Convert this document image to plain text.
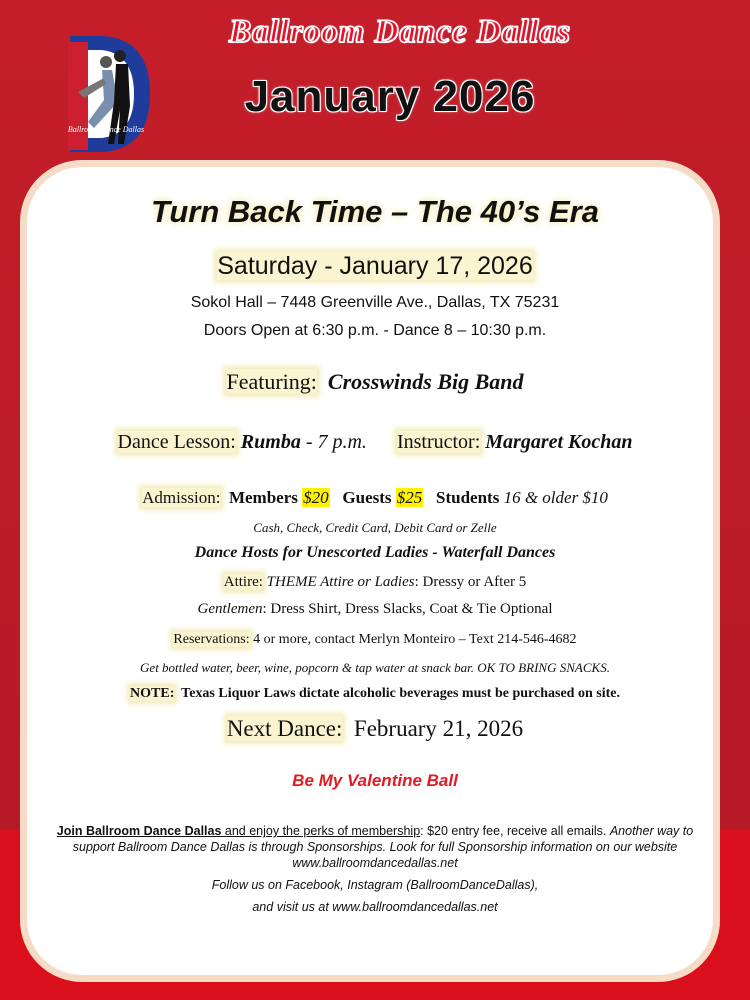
Ballroom Dance Dallas
Ballroom Dance Dallas
January 2026
Turn Back Time – The 40’s Era
Saturday - January 17, 2026
Sokol Hall – 7448 Greenville Ave., Dallas, TX 75231
Doors Open at 6:30 p.m. - Dance 8 – 10:30 p.m.
Featuring: Crosswinds Big Band
Dance Lesson: Rumba - 7 p.m. Instructor: Margaret Kochan
Admission: Members $20 Guests $25 Students 16 & older $10
Cash, Check, Credit Card, Debit Card or Zelle
Dance Hosts for Unescorted Ladies - Waterfall Dances
Attire: THEME Attire or Ladies: Dressy or After 5
Gentlemen: Dress Shirt, Dress Slacks, Coat & Tie Optional
Reservations: 4 or more, contact Merlyn Monteiro – Text 214-546-4682
Get bottled water, beer, wine, popcorn & tap water at snack bar. OK TO BRING SNACKS.
NOTE: Texas Liquor Laws dictate alcoholic beverages must be purchased on site.
Next Dance: February 21, 2026
Be My Valentine Ball
Join Ballroom Dance Dallas and enjoy the perks of membership: $20 entry fee, receive all emails. Another way to support Ballroom Dance Dallas is through Sponsorships. Look for full Sponsorship information on our website www.ballroomdancedallas.net
Follow us on Facebook, Instagram (BallroomDanceDallas),
and visit us at www.ballroomdancedallas.net
